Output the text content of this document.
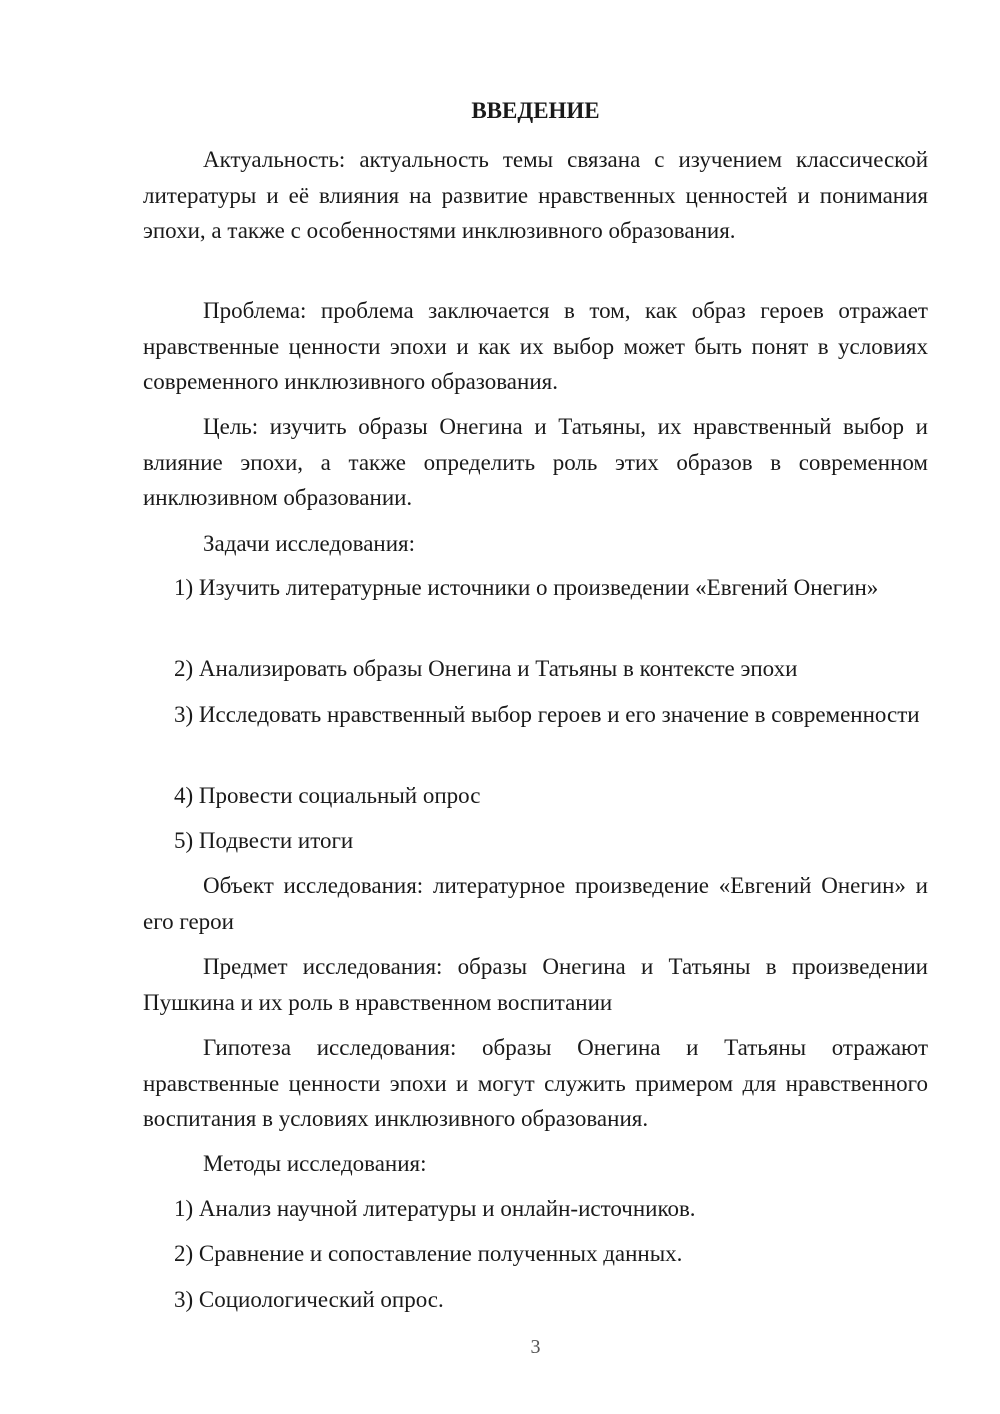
ВВЕДЕНИЕ

Актуальность: актуальность темы связана с изучением классической литературы и её влияния на развитие нравственных ценностей и понимания эпохи, а также с особенностями инклюзивного образования.

Проблема: проблема заключается в том, как образ героев отражает нравственные ценности эпохи и как их выбор может быть понят в условиях современного инклюзивного образования.

Цель: изучить образы Онегина и Татьяны, их нравственный выбор и влияние эпохи, а также определить роль этих образов в современном инклюзивном образовании.

Задачи исследования:

1) Изучить литературные источники о произведении «Евгений Онегин»

2) Анализировать образы Онегина и Татьяны в контексте эпохи

3) Исследовать нравственный выбор героев и его значение в современности

4) Провести социальный опрос

5) Подвести итоги

Объект исследования: литературное произведение «Евгений Онегин» и его герои

Предмет исследования: образы Онегина и Татьяны в произведении Пушкина и их роль в нравственном воспитании

Гипотеза исследования: образы Онегина и Татьяны отражают нравственные ценности эпохи и могут служить примером для нравственного воспитания в условиях инклюзивного образования.

Методы исследования:

1) Анализ научной литературы и онлайн-источников.

2) Сравнение и сопоставление полученных данных.

3) Социологический опрос.

3
